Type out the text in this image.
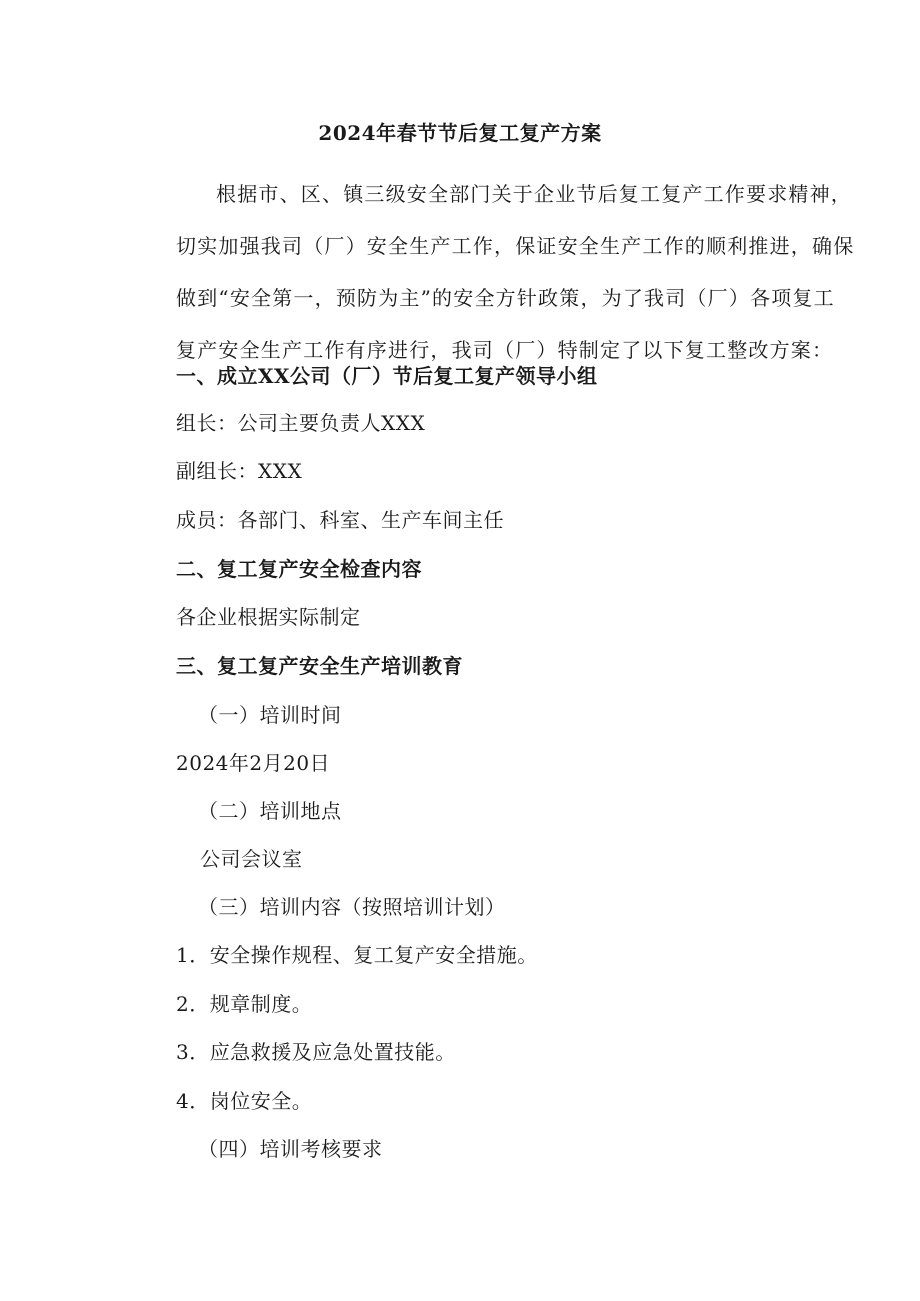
2024年春节节后复工复产方案
根据市、区、镇三级安全部门关于企业节后复工复产工作要求精神，
切实加强我司（厂）安全生产工作，保证安全生产工作的顺利推进，确保
做到“安全第一，预防为主”的安全方针政策，为了我司（厂）各项复工
复产安全生产工作有序进行，我司（厂）特制定了以下复工整改方案：
一、成立XX公司（厂）节后复工复产领导小组
组长：公司主要负责人XXX
副组长：XXX
成员：各部门、科室、生产车间主任
二、复工复产安全检查内容
各企业根据实际制定
三、复工复产安全生产培训教育
（一）培训时间
2024年2月20日
（二）培训地点
公司会议室
（三）培训内容（按照培训计划）
1．安全操作规程、复工复产安全措施。
2．规章制度。
3．应急救援及应急处置技能。
4．岗位安全。
（四）培训考核要求
